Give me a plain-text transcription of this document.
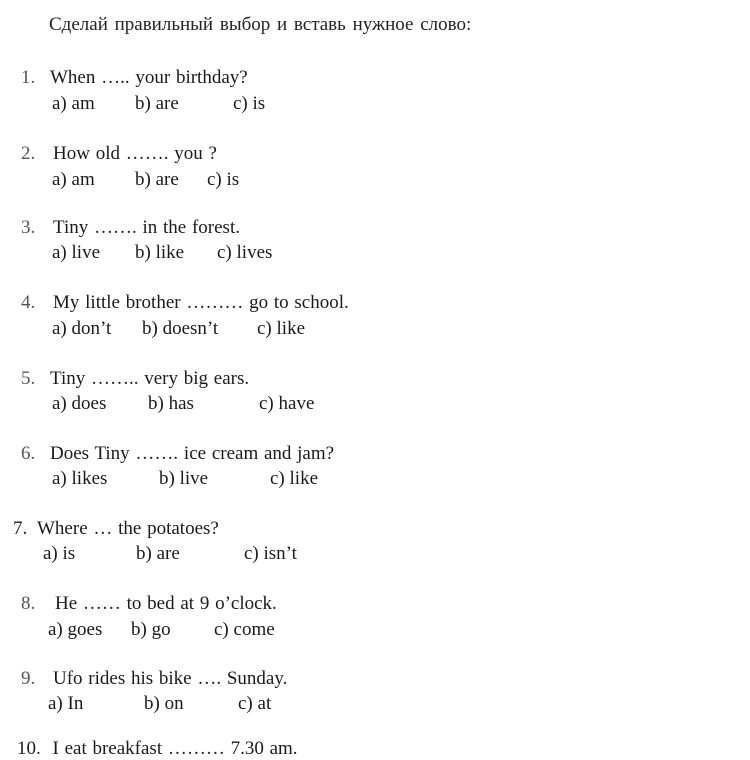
Сделай правильный выбор и вставь нужное слово:
1. When ….. your birthday?
a) am b) are	c) is
2. How old ……. you ?
a) am b) are c) is
3. Tiny ……. in the forest.
a) live b) like c) lives
4. My little brother ……… go to school.
a) don’t b) doesn’t c) like
5. Tiny …….. very big ears.
a) does b) has	c) have
6. Does Tiny ……. ice cream and jam?
a) likes	b) live	c) like
7. Where … the potatoes?
a) is	b) are	c) isn’t
8. He …… to bed at 9 o’clock.
a) goes b) go c) come
9. Ufo rides his bike …. Sunday.
a) In	b) on	c) at
10. I eat breakfast ……… 7.30 am.
